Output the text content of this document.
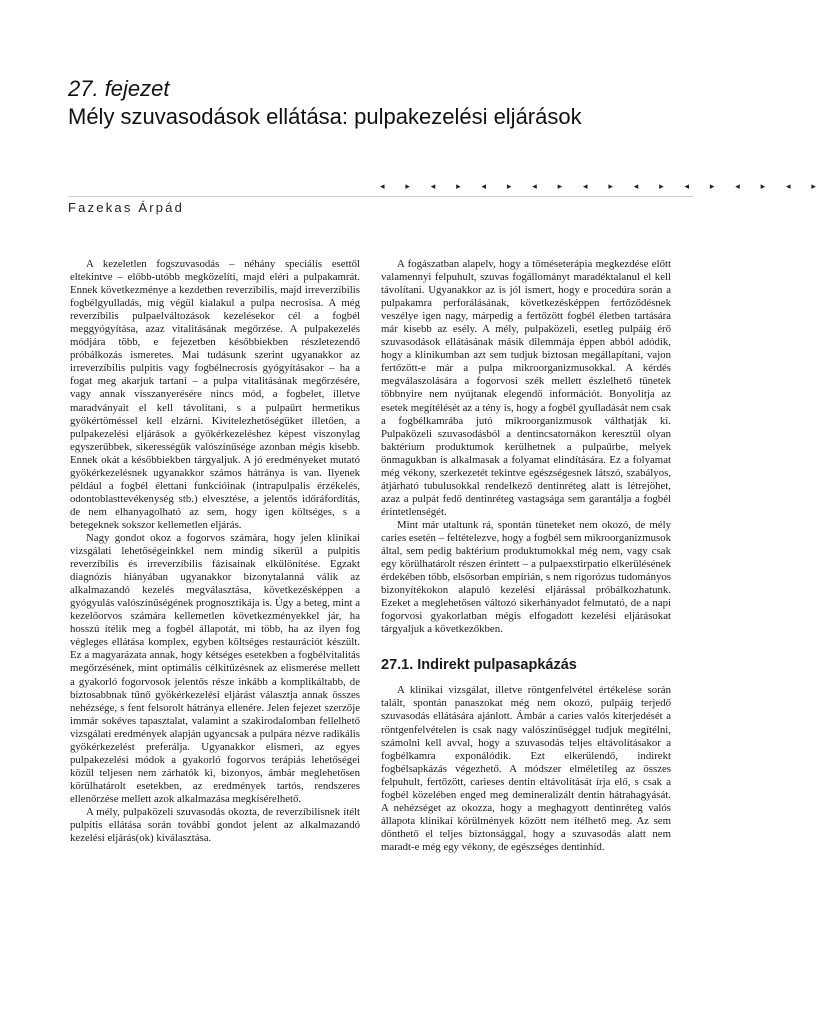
27. fejezet
Mély szuvasodások ellátása: pulpakezelési eljárások
◂ ▸ ◂ ▸ ◂ ▸ ◂ ▸ ◂ ▸ ◂ ▸ ◂ ▸ ◂ ▸ ◂ ▸
Fazekas Árpád

A kezeletlen fogszuvasodás – néhány speciális esettől eltekintve – előbb-utóbb megközelíti, majd eléri a pulpakamrát. Ennek következménye a kezdetben reverzíbilis, majd irreverzíbilis fogbélgyulladás, míg végül kialakul a pulpa necrosisa. A még reverzíbilis pulpaelváltozások kezelésekor cél a fogbél meggyógyítása, azaz vitalitásának megőrzése. A pulpakezelés módjára több, e fejezetben későbbiekben részletezendő próbálkozás ismeretes. Mai tudásunk szerint ugyanakkor az irreverzíbilis pulpitis vagy fogbélnecrosis gyógyításakor – ha a fogat meg akarjuk tartani – a pulpa vitalitásának megőrzésére, vagy annak visszanyerésére nincs mód, a fogbelet, illetve maradványait el kell távolítani, s a pulpaűrt hermetikus gyökértöméssel kell elzárni. Kivitelezhetőségüket illetően, a pulpakezelési eljárások a gyökérkezeléshez képest viszonylag egyszerűbbek, sikerességük valószínűsége azonban mégis kisebb. Ennek okát a későbbiekben tárgyaljuk. A jó eredményeket mutató gyökérkezelésnek ugyanakkor számos hátránya is van. Ilyenek például a fogbél élettani funkcióinak (intrapulpalis érzékelés, odontoblasttevékenység stb.) elvesztése, a jelentős időráfordítás, de nem elhanyagolható az sem, hogy igen költséges, s a betegeknek sokszor kellemetlen eljárás.

Nagy gondot okoz a fogorvos számára, hogy jelen klinikai vizsgálati lehetőségeinkkel nem mindig sikerül a pulpitis reverzíbilis és irreverzíbilis fázisainak elkülönítése. Egzakt diagnózis hiányában ugyanakkor bizonytalanná válik az alkalmazandó kezelés megválasztása, következésképpen a gyógyulás valószínűségének prognosztikája is. Úgy a beteg, mint a kezelőorvos számára kellemetlen következményekkel jár, ha hosszú ítélik meg a fogbél állapotát, mi több, ha az ilyen fog végleges ellátása komplex, egyben költséges restaurációt készült. Ez a magyarázata annak, hogy kétséges esetekben a fogbélvitalitás megőrzésének, mint optimális célkitűzésnek az elismerése mellett a gyakorló fogorvosok jelentős része inkább a komplikáltabb, de biztosabbnak tűnő gyökérkezelési eljárást választja annak összes nehézsége, s fent felsorolt hátránya ellenére. Jelen fejezet szerzője immár sokéves tapasztalat, valamint a szakirodalomban fellelhető vizsgálati eredmények alapján ugyancsak a pulpára nézve radikális gyökérkezelést preferálja. Ugyanakkor elismeri, az egyes pulpakezelési módok a gyakorló fogorvos terápiás lehetőségei közül teljesen nem zárhatók ki, bizonyos, ámbár meglehetősen körülhatárolt esetekben, az eredmények tartós, rendszeres ellenőrzése mellett azok alkalmazása megkísérelhető.

A mély, pulpaközeli szuvasodás okozta, de reverzíbilisnek ítélt pulpitis ellátása során további gondot jelent az alkalmazandó kezelési eljárás(ok) kiválasztása.

A fogászatban alapelv, hogy a töméseterápia megkezdése előtt valamennyi felpuhult, szuvas fogállományt maradéktalanul el kell távolítani. Ugyanakkor az is jól ismert, hogy e procedúra során a pulpakamra perforálásának, következésképpen fertőződésnek veszélye igen nagy, márpedig a fertőzött fogbél életben tartására már kisebb az esély. A mély, pulpaközeli, esetleg pulpáig érő szuvasodások ellátásának másik dilemmája éppen abból adódik, hogy a klinikumban azt sem tudjuk biztosan megállapítani, vajon fertőzött-e már a pulpa mikroorganizmusokkal. A kérdés megválaszolására a fogorvosi szék mellett észlelhető tünetek többnyire nem nyújtanak elegendő információt. Bonyolítja az esetek megítélését az a tény is, hogy a fogbél gyulladását nem csak a fogbélkamrába jutó mikroorganizmusok válthatják ki. Pulpaközeli szuvasodásból a dentincsatornákon keresztül olyan baktérium produktumok kerülhetnek a pulpaűrbe, melyek önmagukban is alkalmasak a folyamat elindítására. Ez a folyamat még vékony, szerkezetét tekintve egészségesnek látszó, szabályos, átjárható tubulusokkal rendelkező dentinréteg alatt is létrejöhet, azaz a pulpát fedő dentinréteg vastagsága sem garantálja a fogbél érintetlenségét.

Mint már utaltunk rá, spontán tüneteket nem okozó, de mély caries esetén – feltételezve, hogy a fogbél sem mikroorganizmusok által, sem pedig baktérium produktumokkal még nem, vagy csak egy körülhatárolt részen érintett – a pulpaexstirpatio elkerülésének érdekében több, elsősorban empírián, s nem rigorózus tudományos bizonyítékokon alapuló kezelési eljárással próbálkozhatunk. Ezeket a meglehetősen változó sikerhányadot felmutató, de a napi fogorvosi gyakorlatban mégis elfogadott kezelési eljárásokat tárgyaljuk a következőkben.

27.1. Indirekt pulpasapkázás

A klinikai vizsgálat, illetve röntgenfelvétel értékelése során talált, spontán panaszokat még nem okozó, pulpáig terjedő szuvasodás ellátására ajánlott. Ámbár a caries valós kiterjedését a röntgenfelvételen is csak nagy valószínűséggel tudjuk megítélni, számolni kell avval, hogy a szuvasodás teljes eltávolításakor a fogbélkamra exponálódik. Ezt elkerülendő, indirekt fogbélsapkázás végezhető. A módszer elméletileg az összes felpuhult, fertőzött, carieses dentin eltávolítását írja elő, s csak a fogbél közelében enged meg demineralizált dentin hátrahagyását. A nehézséget az okozza, hogy a meghagyott dentinréteg valós állapota klinikai körülmények között nem ítélhető meg. Az sem dönthető el teljes biztonsággal, hogy a szuvasodás alatt nem maradt-e még egy vékony, de egészséges dentinhíd.
